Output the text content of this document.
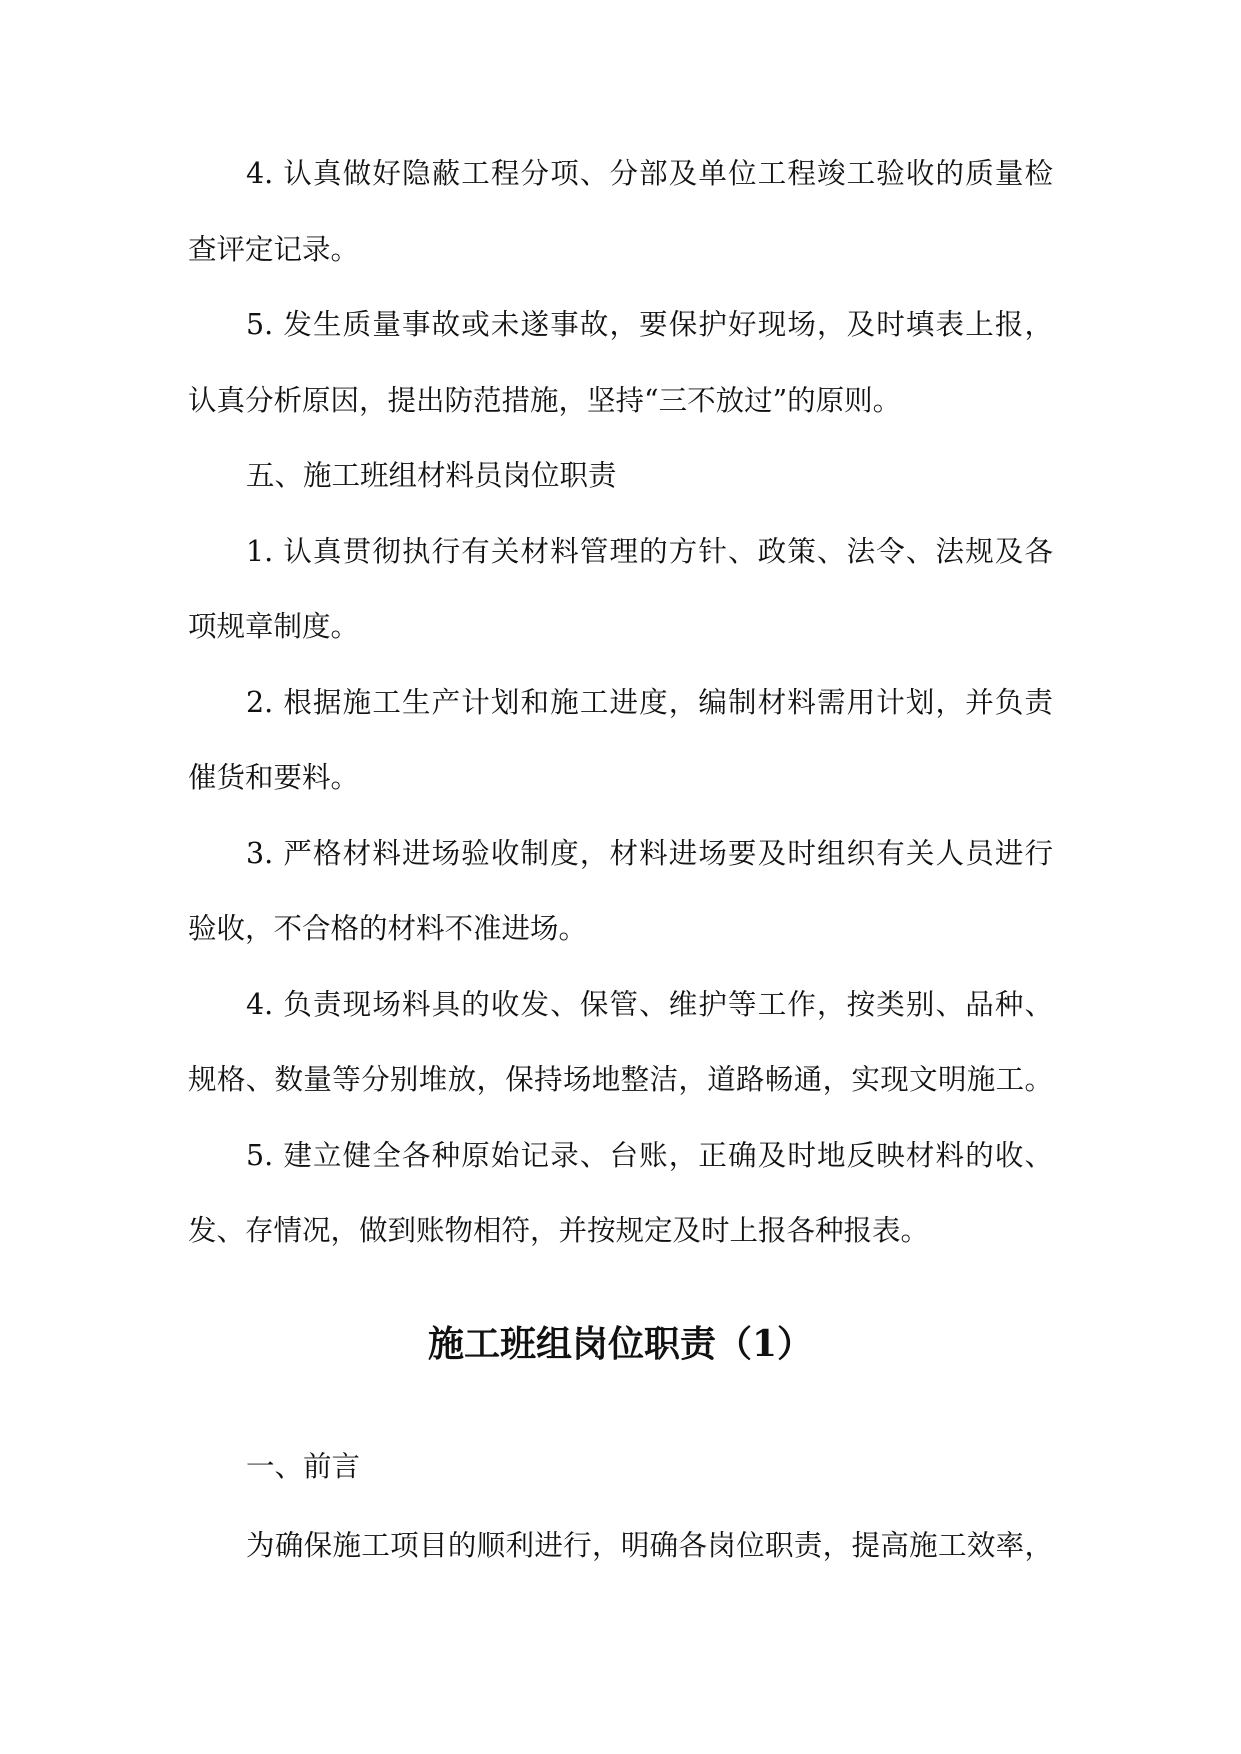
4. 认真做好隐蔽工程分项、分部及单位工程竣工验收的质量检
查评定记录。
5. 发生质量事故或未遂事故，要保护好现场，及时填表上报，
认真分析原因，提出防范措施，坚持“三不放过”的原则。
五、施工班组材料员岗位职责
1. 认真贯彻执行有关材料管理的方针、政策、法令、法规及各
项规章制度。
2. 根据施工生产计划和施工进度，编制材料需用计划，并负责
催货和要料。
3. 严格材料进场验收制度，材料进场要及时组织有关人员进行
验收，不合格的材料不准进场。
4. 负责现场料具的收发、保管、维护等工作，按类别、品种、
规格、数量等分别堆放，保持场地整洁，道路畅通，实现文明施工。
5. 建立健全各种原始记录、台账，正确及时地反映材料的收、
发、存情况，做到账物相符，并按规定及时上报各种报表。
施工班组岗位职责（1）
一、前言
为确保施工项目的顺利进行，明确各岗位职责，提高施工效率，
